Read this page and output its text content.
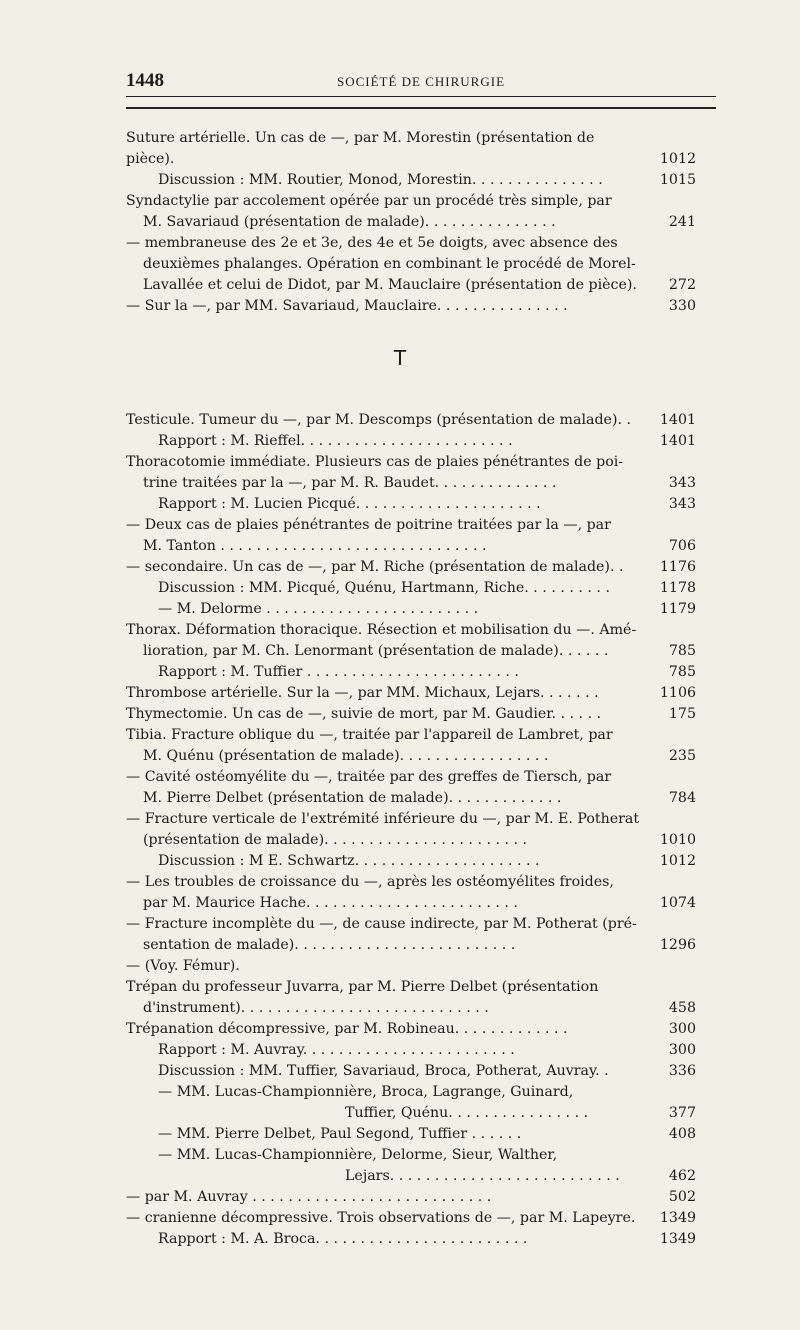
1448	SOCIÉTÉ DE CHIRURGIE
Suture artérielle. Un cas de —, par M. Morestin (présentation de pièce).	1012
Discussion : MM. Routier, Monod, Morestin. . . . . . . . . . . . . . .	1015
Syndactylie par accolement opérée par un procédé très simple, par
M. Savariaud (présentation de malade). . . . . . . . . . . . . . .	241
— membraneuse des 2e et 3e, des 4e et 5e doigts, avec absence des
deuxièmes phalanges. Opération en combinant le procédé de Morel-
Lavallée et celui de Didot, par M. Mauclaire (présentation de pièce).	272
— Sur la —, par MM. Savariaud, Mauclaire. . . . . . . . . . . . . . .	330
T
Testicule. Tumeur du —, par M. Descomps (présentation de malade). .	1401
Rapport : M. Rieffel. . . . . . . . . . . . . . . . . . . . . . . .	1401
Thoracotomie immédiate. Plusieurs cas de plaies pénétrantes de poi-
trine traitées par la —, par M. R. Baudet. . . . . . . . . . . . . .	343
Rapport : M. Lucien Picqué. . . . . . . . . . . . . . . . . . . . .	343
— Deux cas de plaies pénétrantes de poitrine traitées par la —, par
M. Tanton . . . . . . . . . . . . . . . . . . . . . . . . . . . . . .	706
— secondaire. Un cas de —, par M. Riche (présentation de malade). .	1176
Discussion : MM. Picqué, Quénu, Hartmann, Riche. . . . . . . . . .	1178
— M. Delorme . . . . . . . . . . . . . . . . . . . . . . . .	1179
Thorax. Déformation thoracique. Résection et mobilisation du —. Amé-
lioration, par M. Ch. Lenormant (présentation de malade). . . . . .	785
Rapport : M. Tuffier . . . . . . . . . . . . . . . . . . . . . . . .	785
Thrombose artérielle. Sur la —, par MM. Michaux, Lejars. . . . . . .	1106
Thymectomie. Un cas de —, suivie de mort, par M. Gaudier. . . . . .	175
Tibia. Fracture oblique du —, traitée par l'appareil de Lambret, par
M. Quénu (présentation de malade). . . . . . . . . . . . . . . . .	235
— Cavité ostéomyélite du —, traitée par des greffes de Tiersch, par
M. Pierre Delbet (présentation de malade). . . . . . . . . . . . .	784
— Fracture verticale de l'extrémité inférieure du —, par M. E. Potherat
(présentation de malade). . . . . . . . . . . . . . . . . . . . . . .	1010
Discussion : M E. Schwartz. . . . . . . . . . . . . . . . . . . . .	1012
— Les troubles de croissance du —, après les ostéomyélites froides,
par M. Maurice Hache. . . . . . . . . . . . . . . . . . . . . . . .	1074
— Fracture incomplète du —, de cause indirecte, par M. Potherat (pré-
sentation de malade). . . . . . . . . . . . . . . . . . . . . . . . .	1296
— (Voy. Fémur).
Trépan du professeur Juvarra, par M. Pierre Delbet (présentation
d'instrument). . . . . . . . . . . . . . . . . . . . . . . . . . . .	458
Trépanation décompressive, par M. Robineau. . . . . . . . . . . . .	300
Rapport : M. Auvray. . . . . . . . . . . . . . . . . . . . . . . .	300
Discussion : MM. Tuffier, Savariaud, Broca, Potherat, Auvray. .	336
— MM. Lucas-Championnière, Broca, Lagrange, Guinard,
Tuffier, Quénu. . . . . . . . . . . . . . . .	377
— MM. Pierre Delbet, Paul Segond, Tuffier . . . . . .	408
— MM. Lucas-Championnière, Delorme, Sieur, Walther,
Lejars. . . . . . . . . . . . . . . . . . . . . . . . . .	462
— par M. Auvray . . . . . . . . . . . . . . . . . . . . . . . . . . .	502
— cranienne décompressive. Trois observations de —, par M. Lapeyre.	1349
Rapport : M. A. Broca. . . . . . . . . . . . . . . . . . . . . . . .	1349
